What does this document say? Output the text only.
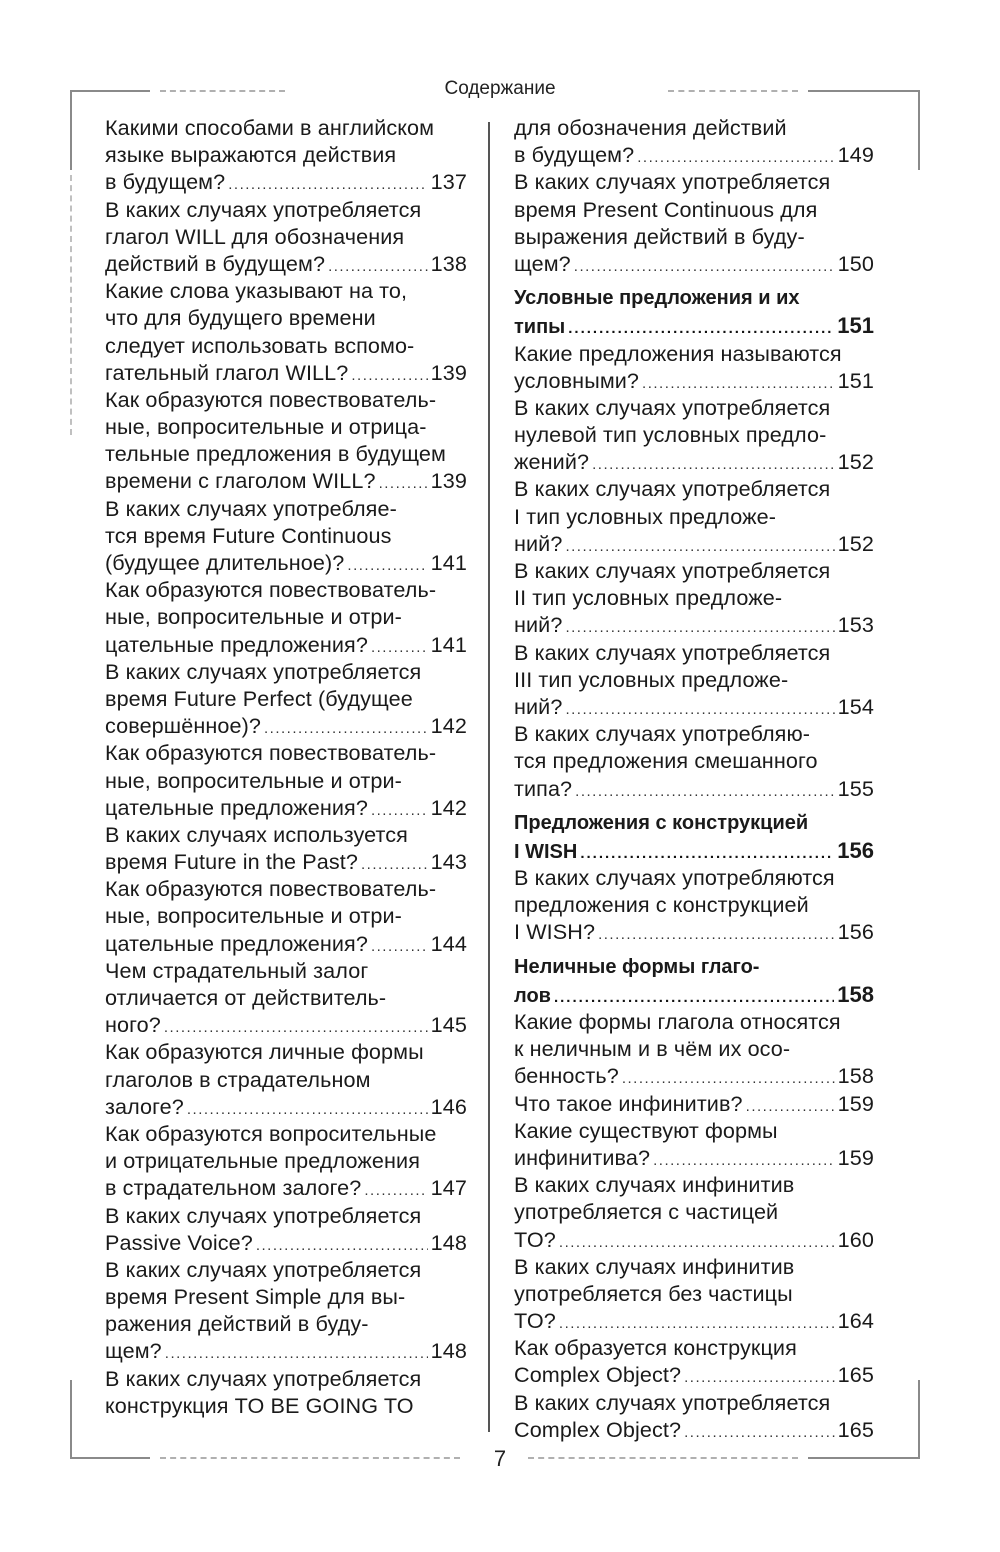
Содержание
Какими способами в английском
языке выражаются действия
в будущем? .....	137
В каких случаях употребляется
глагол WILL для обозначения
действий в будущем? .....	138
Какие слова указывают на то,
что для будущего времени
следует использовать вспомо-
гательный глагол WILL? .....	139
Как образуются повествователь-
ные, вопросительные и отрица-
тельные предложения в будущем
времени с глаголом WILL? .....	139
В каких случаях употребляе-
тся время Future Continuous
(будущее длительное)? .....	141
Как образуются повествователь-
ные, вопросительные и отри-
цательные предложения? .....	141
В каких случаях употребляется
время Future Perfect (будущее
совершённое)? .....	142
Как образуются повествователь-
ные, вопросительные и отри-
цательные предложения? .....	142
В каких случаях используется
время Future in the Past? .....	143
Как образуются повествователь-
ные, вопросительные и отри-
цательные предложения? .....	144
Чем страдательный залог
отличается от действитель-
ного? .....	145
Как образуются личные формы
глаголов в страдательном
залоге? .....	146
Как образуются вопросительные
и отрицательные предложения
в страдательном залоге? .....	147
В каких случаях употребляется
Passive Voice? .....	148
В каких случаях употребляется
время Present Simple для вы-
ражения действий в буду-
щем? .....	148
В каких случаях употребляется
конструкция TO BE GOING TO
для обозначения действий
в будущем? .....	149
В каких случаях употребляется
время Present Continuous для
выражения действий в буду-
щем? .....	150
Условные предложения и их
типы .....	151
Какие предложения называются
условными? .....	151
В каких случаях употребляется
нулевой тип условных предло-
жений? .....	152
В каких случаях употребляется
I тип условных предложе-
ний? .....	152
В каких случаях употребляется
II тип условных предложе-
ний? .....	153
В каких случаях употребляется
III тип условных предложе-
ний? .....	154
В каких случаях употребляю-
тся предложения смешанного
типа? .....	155
Предложения с конструкцией
I WISH .....	156
В каких случаях употребляются
предложения с конструкцией
I WISH? .....	156
Неличные формы глаго-
лов .....	158
Какие формы глагола относятся
к неличным и в чём их осо-
бенность? .....	158
Что такое инфинитив? .....	159
Какие существуют формы
инфинитива? .....	159
В каких случаях инфинитив
употребляется с частицей
TO? .....	160
В каких случаях инфинитив
употребляется без частицы
TO? .....	164
Как образуется конструкция
Complex Object? .....	165
В каких случаях употребляется
Complex Object? .....	165
7
